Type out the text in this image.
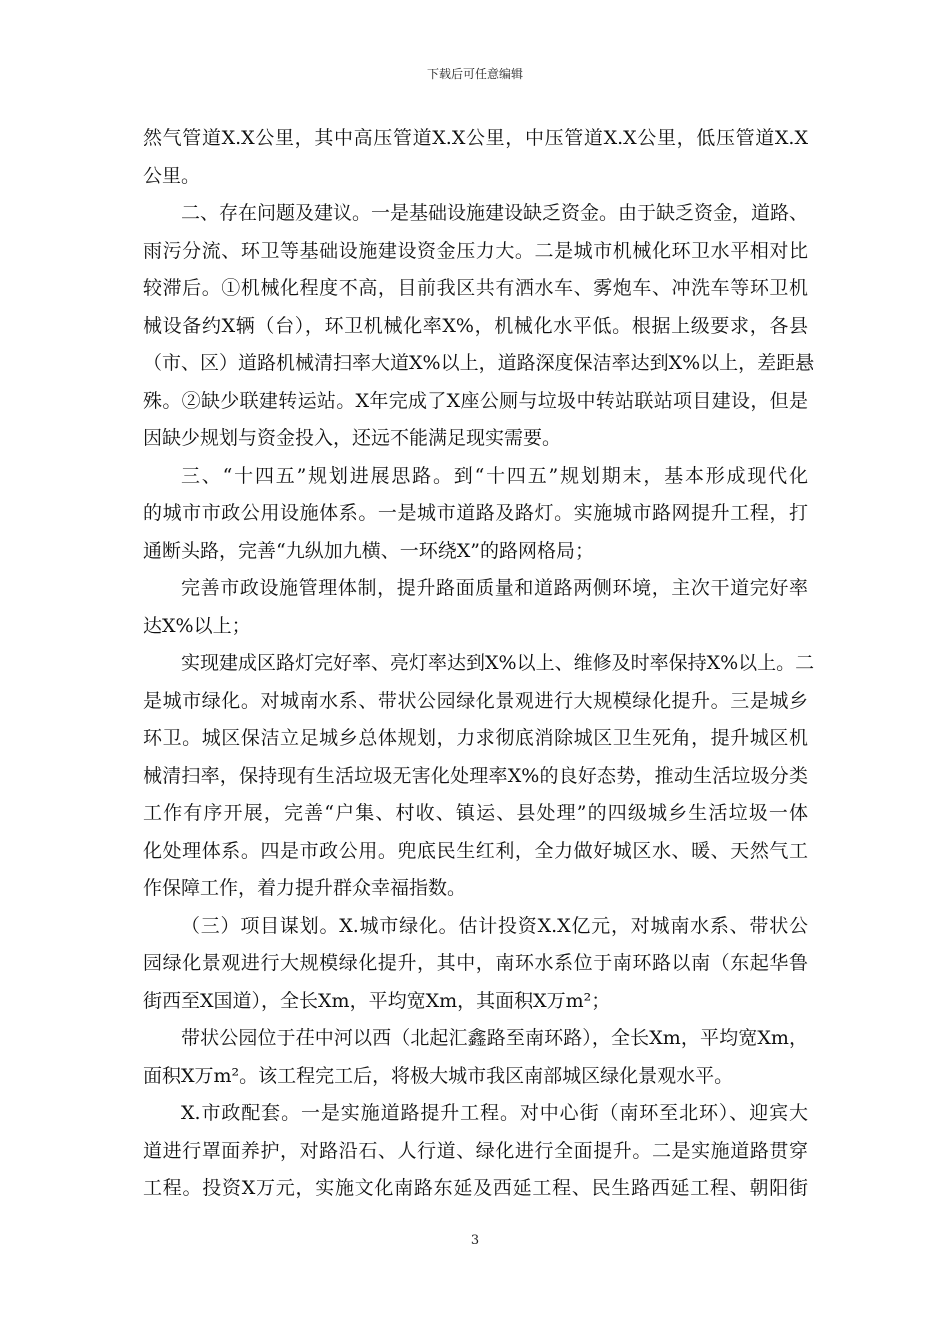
下载后可任意编辑
然气管道X.X公里，其中高压管道X.X公里，中压管道X.X公里，低压管道X.X
公里。
二、存在问题及建议。一是基础设施建设缺乏资金。由于缺乏资金，道路、
雨污分流、环卫等基础设施建设资金压力大。二是城市机械化环卫水平相对比
较滞后。①机械化程度不高，目前我区共有洒水车、雾炮车、冲洗车等环卫机
械设备约X辆（台），环卫机械化率X%，机械化水平低。根据上级要求，各县
（市、区）道路机械清扫率大道X%以上，道路深度保洁率达到X%以上，差距悬
殊。②缺少联建转运站。X年完成了X座公厕与垃圾中转站联站项目建设，但是
因缺少规划与资金投入，还远不能满足现实需要。
三、“十四五”规划进展思路。到“十四五”规划期末，基本形成现代化
的城市市政公用设施体系。一是城市道路及路灯。实施城市路网提升工程，打
通断头路，完善“九纵加九横、一环绕X”的路网格局；
完善市政设施管理体制，提升路面质量和道路两侧环境，主次干道完好率
达X%以上；
实现建成区路灯完好率、亮灯率达到X%以上、维修及时率保持X%以上。二
是城市绿化。对城南水系、带状公园绿化景观进行大规模绿化提升。三是城乡
环卫。城区保洁立足城乡总体规划，力求彻底消除城区卫生死角，提升城区机
械清扫率，保持现有生活垃圾无害化处理率X%的良好态势，推动生活垃圾分类
工作有序开展，完善“户集、村收、镇运、县处理”的四级城乡生活垃圾一体
化处理体系。四是市政公用。兜底民生红利，全力做好城区水、暖、天然气工
作保障工作，着力提升群众幸福指数。
（三）项目谋划。X.城市绿化。估计投资X.X亿元，对城南水系、带状公
园绿化景观进行大规模绿化提升，其中，南环水系位于南环路以南（东起华鲁
街西至X国道），全长Xm，平均宽Xm，其面积X万m²；
带状公园位于茌中河以西（北起汇鑫路至南环路），全长Xm，平均宽Xm，
面积X万m²。该工程完工后，将极大城市我区南部城区绿化景观水平。
X.市政配套。一是实施道路提升工程。对中心街（南环至北环）、迎宾大
道进行罩面养护，对路沿石、人行道、绿化进行全面提升。二是实施道路贯穿
工程。投资X万元，实施文化南路东延及西延工程、民生路西延工程、朝阳街
3
